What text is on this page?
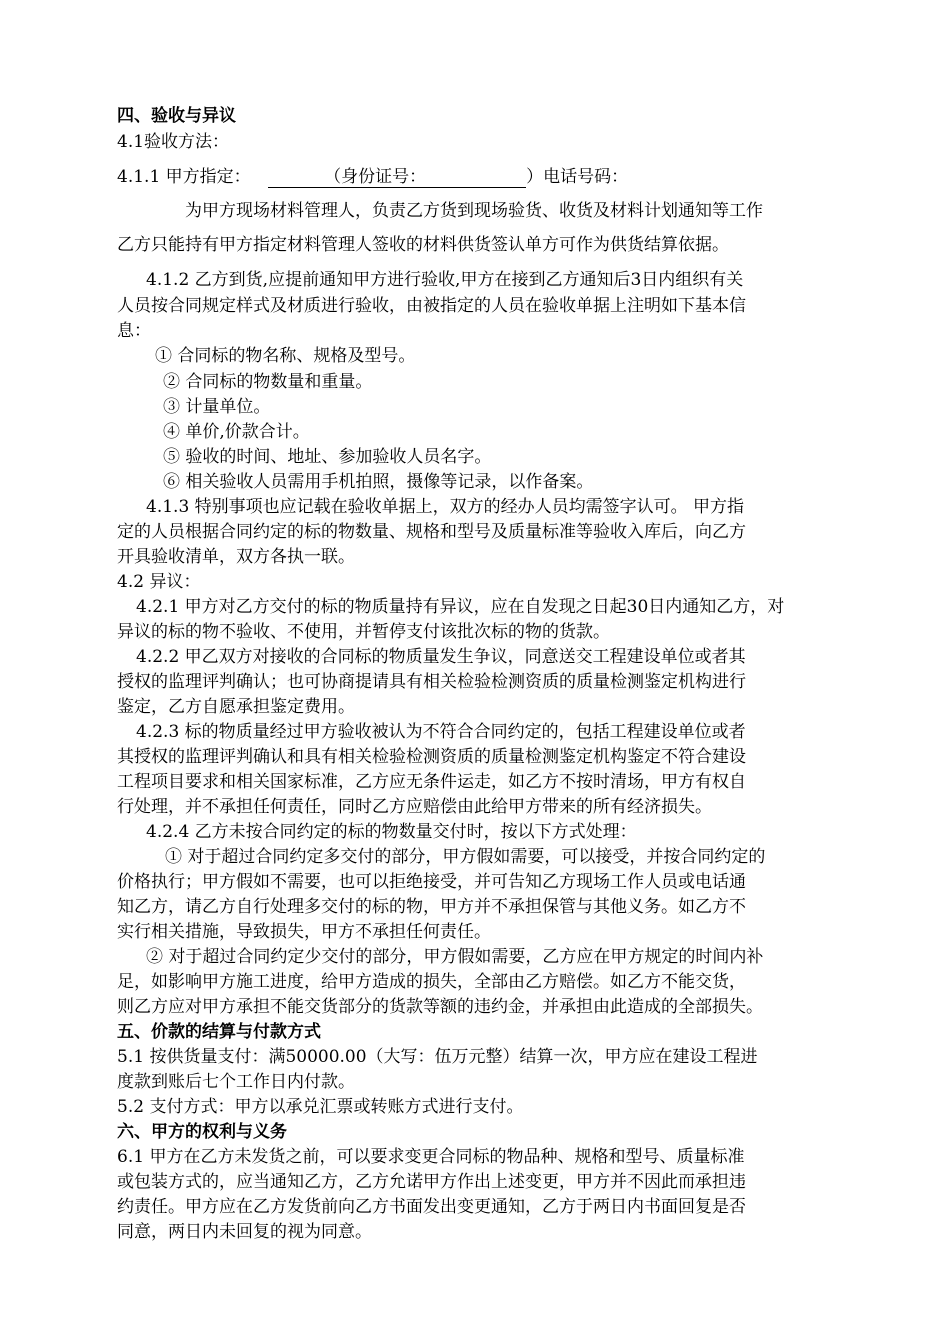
四、验收与异议
4.1验收方法：
4.1.1 甲方指定：	（身份证号：	）电话号码：
为甲方现场材料管理人，负责乙方货到现场验货、收货及材料计划通知等工作
乙方只能持有甲方指定材料管理人签收的材料供货签认单方可作为供货结算依据。
4.1.2 乙方到货,应提前通知甲方进行验收,甲方在接到乙方通知后3日内组织有关
人员按合同规定样式及材质进行验收，由被指定的人员在验收单据上注明如下基本信
息：
① 合同标的物名称、规格及型号。
② 合同标的物数量和重量。
③ 计量单位。
④ 单价,价款合计。
⑤ 验收的时间、地址、参加验收人员名字。
⑥ 相关验收人员需用手机拍照，摄像等记录，以作备案。
4.1.3 特别事项也应记载在验收单据上，双方的经办人员均需签字认可。 甲方指
定的人员根据合同约定的标的物数量、规格和型号及质量标准等验收入库后，向乙方
开具验收清单，双方各执一联。
4.2 异议：
4.2.1 甲方对乙方交付的标的物质量持有异议，应在自发现之日起30日内通知乙方，对
异议的标的物不验收、不使用，并暂停支付该批次标的物的货款。
4.2.2 甲乙双方对接收的合同标的物质量发生争议，同意送交工程建设单位或者其
授权的监理评判确认；也可协商提请具有相关检验检测资质的质量检测鉴定机构进行
鉴定，乙方自愿承担鉴定费用。
4.2.3 标的物质量经过甲方验收被认为不符合合同约定的，包括工程建设单位或者
其授权的监理评判确认和具有相关检验检测资质的质量检测鉴定机构鉴定不符合建设
工程项目要求和相关国家标准，乙方应无条件运走，如乙方不按时清场，甲方有权自
行处理，并不承担任何责任，同时乙方应赔偿由此给甲方带来的所有经济损失。
4.2.4 乙方未按合同约定的标的物数量交付时，按以下方式处理：
① 对于超过合同约定多交付的部分，甲方假如需要，可以接受，并按合同约定的
价格执行；甲方假如不需要，也可以拒绝接受，并可告知乙方现场工作人员或电话通
知乙方，请乙方自行处理多交付的标的物，甲方并不承担保管与其他义务。如乙方不
实行相关措施，导致损失，甲方不承担任何责任。
② 对于超过合同约定少交付的部分，甲方假如需要，乙方应在甲方规定的时间内补
足，如影响甲方施工进度，给甲方造成的损失，全部由乙方赔偿。如乙方不能交货，
则乙方应对甲方承担不能交货部分的货款等额的违约金，并承担由此造成的全部损失。
五、价款的结算与付款方式
5.1 按供货量支付：满50000.00（大写：伍万元整）结算一次，甲方应在建设工程进
度款到账后七个工作日内付款。
5.2 支付方式：甲方以承兑汇票或转账方式进行支付。
六、甲方的权利与义务
6.1 甲方在乙方未发货之前，可以要求变更合同标的物品种、规格和型号、质量标准
或包装方式的，应当通知乙方，乙方允诺甲方作出上述变更，甲方并不因此而承担违
约责任。甲方应在乙方发货前向乙方书面发出变更通知，乙方于两日内书面回复是否
同意，两日内未回复的视为同意。
